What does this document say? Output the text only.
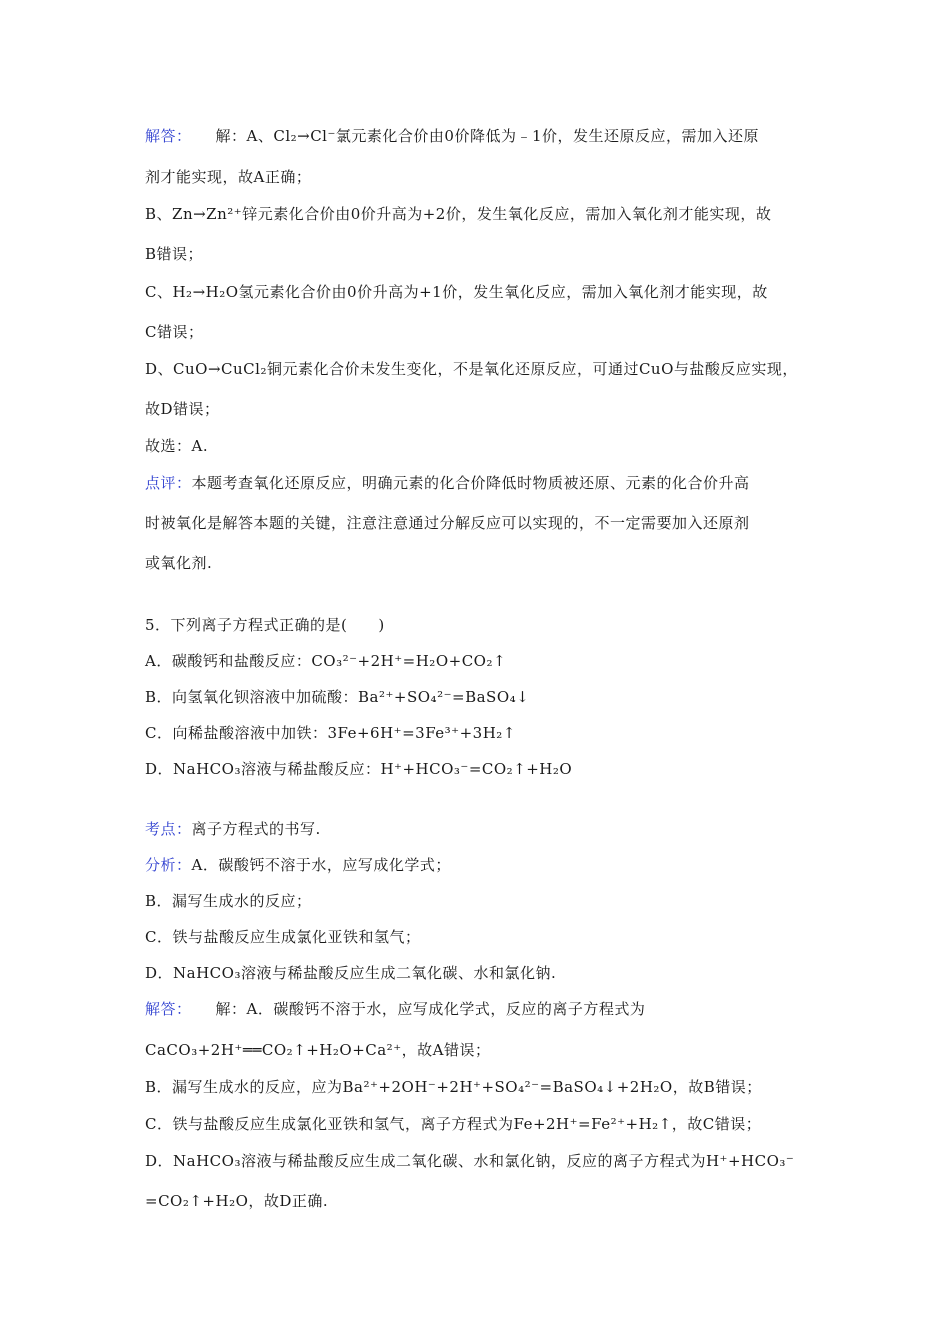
解答： 解：A、Cl₂→Cl⁻氯元素化合价由0价降低为﹣1价，发生还原反应，需加入还原
剂才能实现，故A正确；
B、Zn→Zn²⁺锌元素化合价由0价升高为+2价，发生氧化反应，需加入氧化剂才能实现，故
B错误；
C、H₂→H₂O氢元素化合价由0价升高为+1价，发生氧化反应，需加入氧化剂才能实现，故
C错误；
D、CuO→CuCl₂铜元素化合价未发生变化，不是氧化还原反应，可通过CuO与盐酸反应实现，
故D错误；
故选：A.
点评：本题考查氧化还原反应，明确元素的化合价降低时物质被还原、元素的化合价升高
时被氧化是解答本题的关键，注意注意通过分解反应可以实现的，不一定需要加入还原剂
或氧化剂.
5．下列离子方程式正确的是(　　)
A．碳酸钙和盐酸反应：CO₃²⁻+2H⁺=H₂O+CO₂↑
B．向氢氧化钡溶液中加硫酸：Ba²⁺+SO₄²⁻=BaSO₄↓
C．向稀盐酸溶液中加铁：3Fe+6H⁺=3Fe³⁺+3H₂↑
D．NaHCO₃溶液与稀盐酸反应：H⁺+HCO₃⁻=CO₂↑+H₂O
考点：离子方程式的书写.
分析：A．碳酸钙不溶于水，应写成化学式；
B．漏写生成水的反应；
C．铁与盐酸反应生成氯化亚铁和氢气；
D．NaHCO₃溶液与稀盐酸反应生成二氧化碳、水和氯化钠.
解答： 解：A．碳酸钙不溶于水，应写成化学式，反应的离子方程式为
CaCO₃+2H⁺══CO₂↑+H₂O+Ca²⁺，故A错误；
B．漏写生成水的反应，应为Ba²⁺+2OH⁻+2H⁺+SO₄²⁻=BaSO₄↓+2H₂O，故B错误；
C．铁与盐酸反应生成氯化亚铁和氢气，离子方程式为Fe+2H⁺=Fe²⁺+H₂↑，故C错误；
D．NaHCO₃溶液与稀盐酸反应生成二氧化碳、水和氯化钠，反应的离子方程式为H⁺+HCO₃⁻
=CO₂↑+H₂O，故D正确.
